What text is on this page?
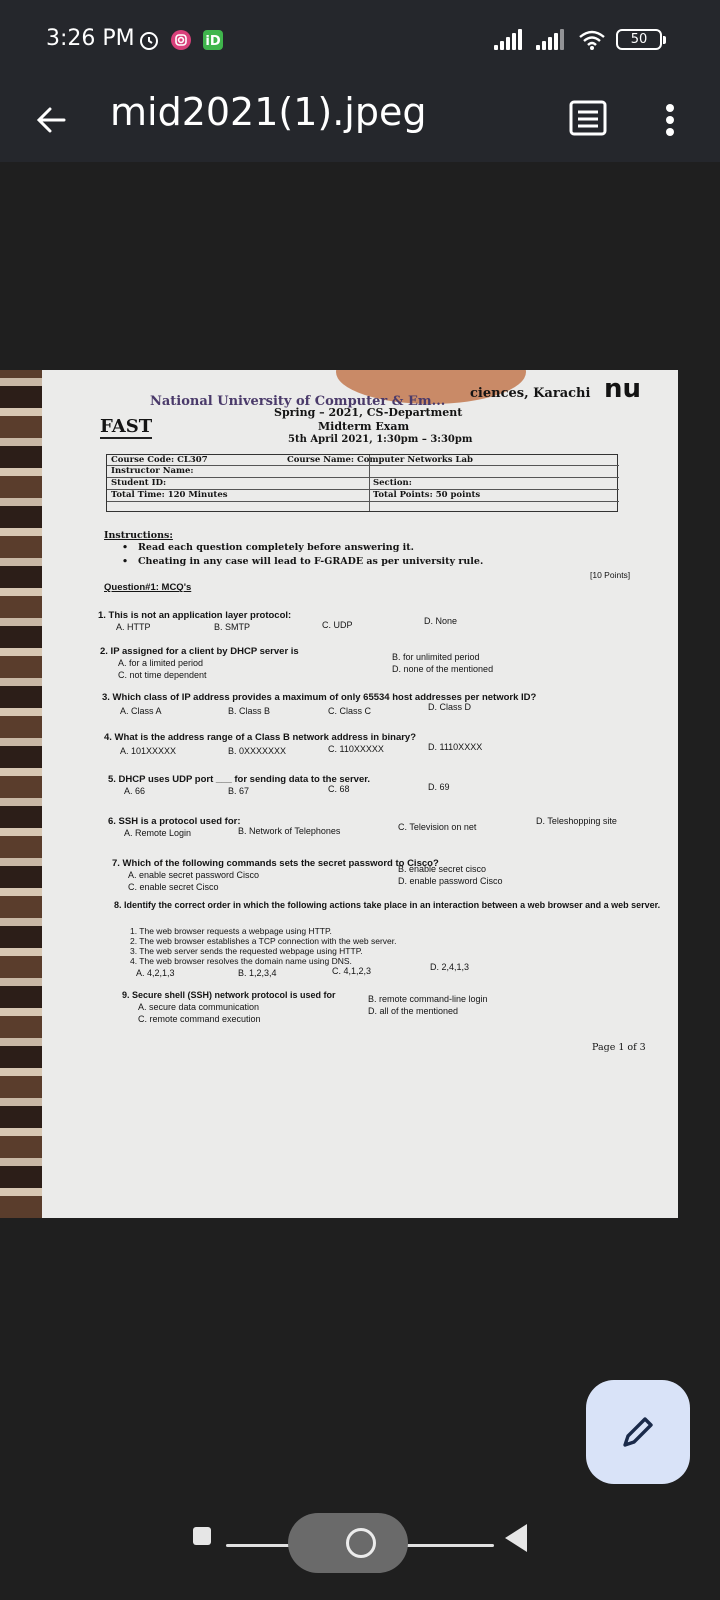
3:26 PM	iD	50
mid2021(1).jpeg
FAST
nu
National University of Computer & Em...
ciences, Karachi
Spring – 2021, CS-Department
Midterm Exam
5th April 2021, 1:30pm – 3:30pm
Course Code: CL307	Course Name: Computer Networks Lab
Instructor Name:
Student ID:	Section:
Total Time: 120 Minutes	Total Points: 50 points
Instructions:
• Read each question completely before answering it.
• Cheating in any case will lead to F-GRADE as per university rule.
Question#1: MCQ's
[10 Points]
1. This is not an application layer protocol:
A. HTTP	B. SMTP	C. UDP	D. None
2. IP assigned for a client by DHCP server is
A. for a limited period
B. for unlimited period
C. not time dependent
D. none of the mentioned
3. Which class of IP address provides a maximum of only 65534 host addresses per network ID?
A. Class A	B. Class B	C. Class C	D. Class D
4. What is the address range of a Class B network address in binary?
A. 101XXXXX	B. 0XXXXXXX	C. 110XXXXX	D. 1110XXXX
5. DHCP uses UDP port ___ for sending data to the server.
A. 66	B. 67	C. 68	D. 69
6. SSH is a protocol used for:
A. Remote Login	B. Network of Telephones	C. Television on net
D. Teleshopping site
7. Which of the following commands sets the secret password to Cisco?
A. enable secret password Cisco
B. enable secret cisco
C. enable secret Cisco
D. enable password Cisco
8. Identify the correct order in which the following actions take place in an interaction between a web browser and a web server.
1. The web browser requests a webpage using HTTP.
2. The web browser establishes a TCP connection with the web server.
3. The web server sends the requested webpage using HTTP.
4. The web browser resolves the domain name using DNS.
A. 4,2,1,3	B. 1,2,3,4	C. 4,1,2,3	D. 2,4,1,3
9. Secure shell (SSH) network protocol is used for
A. secure data communication
B. remote command-line login
C. remote command execution
D. all of the mentioned
Page 1 of 3
